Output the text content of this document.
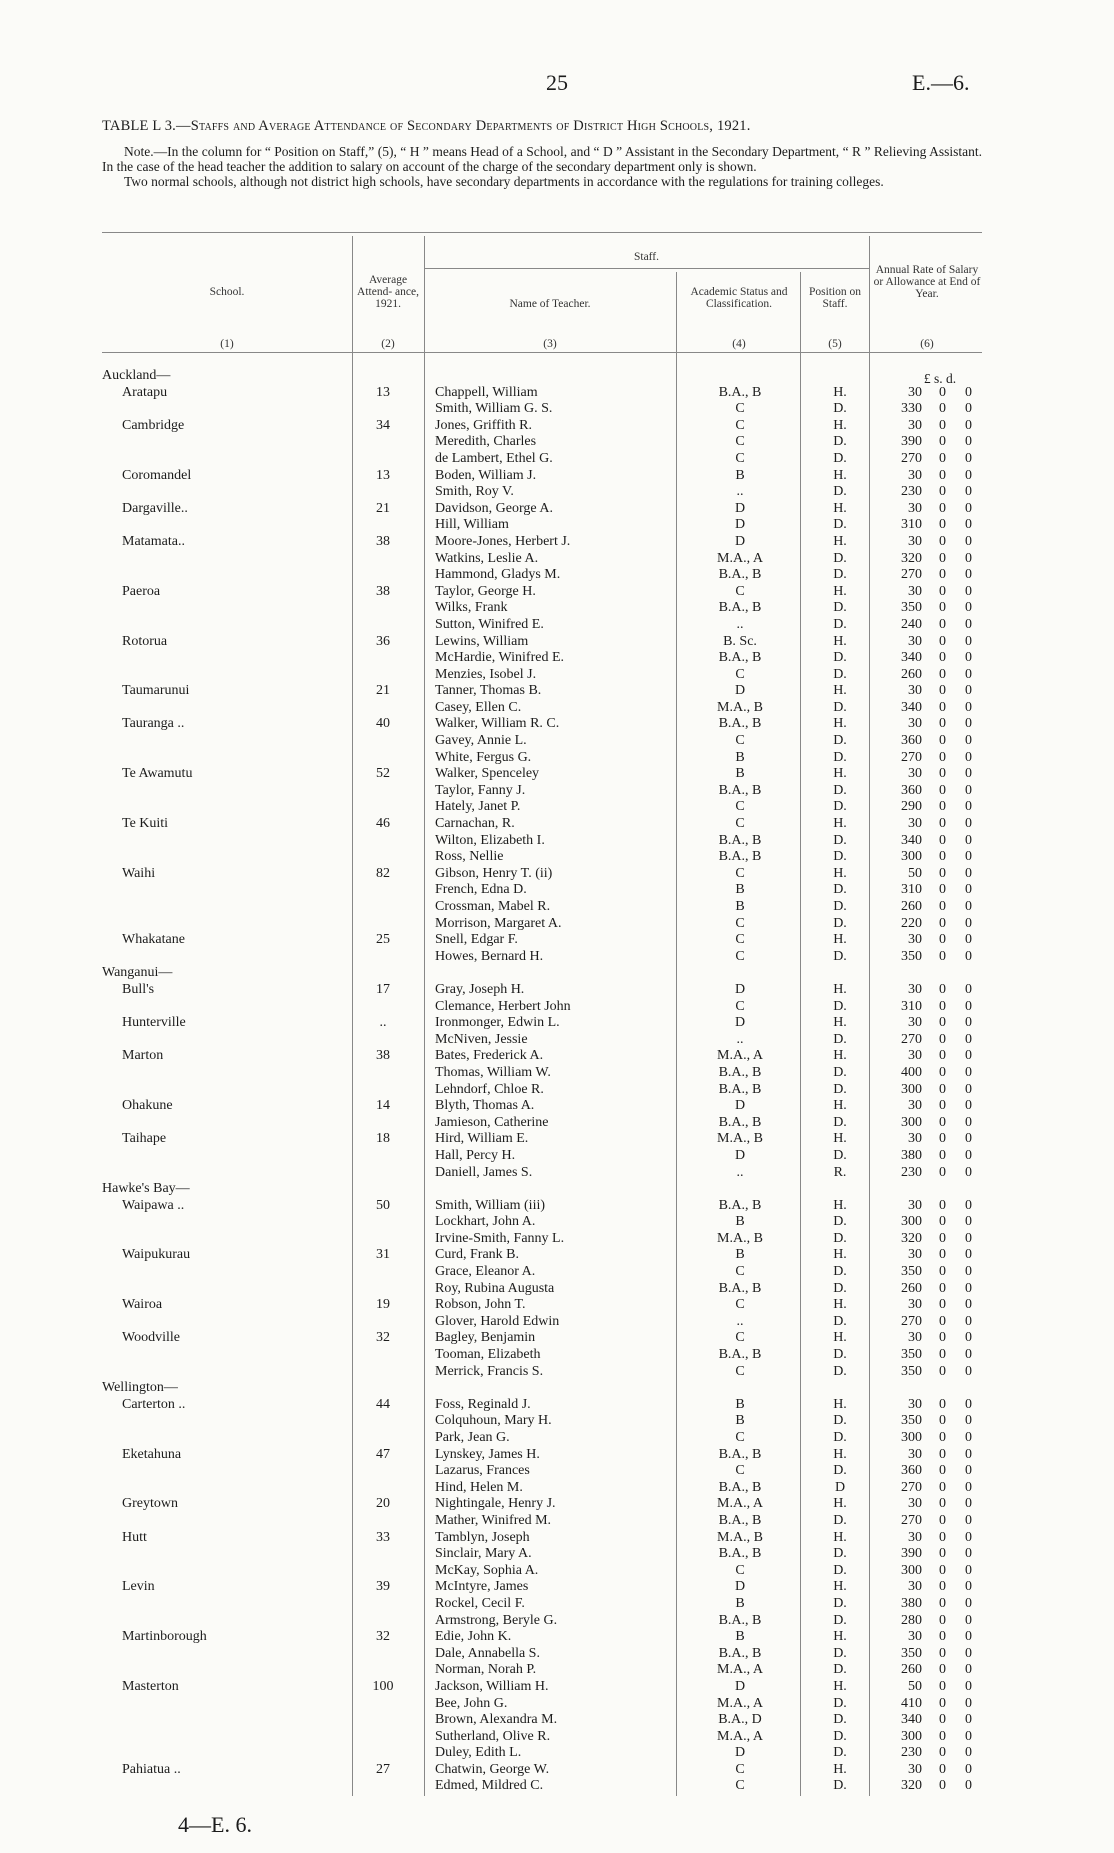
25	E.—6.
TABLE L 3.—Staffs and Average Attendance of Secondary Departments of District High Schools, 1921.

Note.—In the column for “ Position on Staff,” (5), “ H ” means Head of a School, and “ D ” Assistant in the Secondary Department, “ R ” Relieving Assistant. In the case of the head teacher the addition to salary on account of the charge of the secondary department only is shown.

Two normal schools, although not district high schools, have secondary departments in accordance with the regulations for training colleges.

School.
Average Attend- ance, 1921.
Staff.
Name of Teacher.
Academic Status and Classification.
Position on Staff.
Annual Rate of Salary or Allowance at End of Year.
(1)	(2)	(3)	(4)	(5)	(6)
£ s. d.
Auckland—
Aratapu	13	Chappell, William	B.A., B	H.	30	0	0
Smith, William G. S.	C	D.	330	0	0
Cambridge	34	Jones, Griffith R.	C	H.	30	0	0
Meredith, Charles	C	D.	390	0	0
de Lambert, Ethel G.	C	D.	270	0	0
Coromandel	13	Boden, William J.	B	H.	30	0	0
Smith, Roy V.	..	D.	230	0	0
Dargaville..	21	Davidson, George A.	D	H.	30	0	0
Hill, William	D	D.	310	0	0
Matamata..	38	Moore-Jones, Herbert J.	D	H.	30	0	0
Watkins, Leslie A.	M.A., A	D.	320	0	0
Hammond, Gladys M.	B.A., B	D.	270	0	0
Paeroa	38	Taylor, George H.	C	H.	30	0	0
Wilks, Frank	B.A., B	D.	350	0	0
Sutton, Winifred E.	..	D.	240	0	0
Rotorua	36	Lewins, William	B. Sc.	H.	30	0	0
McHardie, Winifred E.	B.A., B	D.	340	0	0
Menzies, Isobel J.	C	D.	260	0	0
Taumarunui	21	Tanner, Thomas B.	D	H.	30	0	0
Casey, Ellen C.	M.A., B	D.	340	0	0
Tauranga ..	40	Walker, William R. C.	B.A., B	H.	30	0	0
Gavey, Annie L.	C	D.	360	0	0
White, Fergus G.	B	D.	270	0	0
Te Awamutu	52	Walker, Spenceley	B	H.	30	0	0
Taylor, Fanny J.	B.A., B	D.	360	0	0
Hately, Janet P.	C	D.	290	0	0
Te Kuiti	46	Carnachan, R.	C	H.	30	0	0
Wilton, Elizabeth I.	B.A., B	D.	340	0	0
Ross, Nellie	B.A., B	D.	300	0	0
Waihi	82	Gibson, Henry T. (ii)	C	H.	50	0	0
French, Edna D.	B	D.	310	0	0
Crossman, Mabel R.	B	D.	260	0	0
Morrison, Margaret A.	C	D.	220	0	0
Whakatane	25	Snell, Edgar F.	C	H.	30	0	0
Howes, Bernard H.	C	D.	350	0	0
Wanganui—
Bull's	17	Gray, Joseph H.	D	H.	30	0	0
Clemance, Herbert John	C	D.	310	0	0
Hunterville	..	Ironmonger, Edwin L.	D	H.	30	0	0
McNiven, Jessie	..	D.	270	0	0
Marton	38	Bates, Frederick A.	M.A., A	H.	30	0	0
Thomas, William W.	B.A., B	D.	400	0	0
Lehndorf, Chloe R.	B.A., B	D.	300	0	0
Ohakune	14	Blyth, Thomas A.	D	H.	30	0	0
Jamieson, Catherine	B.A., B	D.	300	0	0
Taihape	18	Hird, William E.	M.A., B	H.	30	0	0
Hall, Percy H.	D	D.	380	0	0
Daniell, James S.	..	R.	230	0	0
Hawke's Bay—
Waipawa ..	50	Smith, William (iii)	B.A., B	H.	30	0	0
Lockhart, John A.	B	D.	300	0	0
Irvine-Smith, Fanny L.	M.A., B	D.	320	0	0
Waipukurau	31	Curd, Frank B.	B	H.	30	0	0
Grace, Eleanor A.	C	D.	350	0	0
Roy, Rubina Augusta	B.A., B	D.	260	0	0
Wairoa	19	Robson, John T.	C	H.	30	0	0
Glover, Harold Edwin	..	D.	270	0	0
Woodville	32	Bagley, Benjamin	C	H.	30	0	0
Tooman, Elizabeth	B.A., B	D.	350	0	0
Merrick, Francis S.	C	D.	350	0	0
Wellington—
Carterton ..	44	Foss, Reginald J.	B	H.	30	0	0
Colquhoun, Mary H.	B	D.	350	0	0
Park, Jean G.	C	D.	300	0	0
Eketahuna	47	Lynskey, James H.	B.A., B	H.	30	0	0
Lazarus, Frances	C	D.	360	0	0
Hind, Helen M.	B.A., B	D	270	0	0
Greytown	20	Nightingale, Henry J.	M.A., A	H.	30	0	0
Mather, Winifred M.	B.A., B	D.	270	0	0
Hutt	33	Tamblyn, Joseph	M.A., B	H.	30	0	0
Sinclair, Mary A.	B.A., B	D.	390	0	0
McKay, Sophia A.	C	D.	300	0	0
Levin	39	McIntyre, James	D	H.	30	0	0
Rockel, Cecil F.	B	D.	380	0	0
Armstrong, Beryle G.	B.A., B	D.	280	0	0
Martinborough	32	Edie, John K.	B	H.	30	0	0
Dale, Annabella S.	B.A., B	D.	350	0	0
Norman, Norah P.	M.A., A	D.	260	0	0
Masterton	100	Jackson, William H.	D	H.	50	0	0
Bee, John G.	M.A., A	D.	410	0	0
Brown, Alexandra M.	B.A., D	D.	340	0	0
Sutherland, Olive R.	M.A., A	D.	300	0	0
Duley, Edith L.	D	D.	230	0	0
Pahiatua ..	27	Chatwin, George W.	C	H.	30	0	0
Edmed, Mildred C.	C	D.	320	0	0
4—E. 6.
